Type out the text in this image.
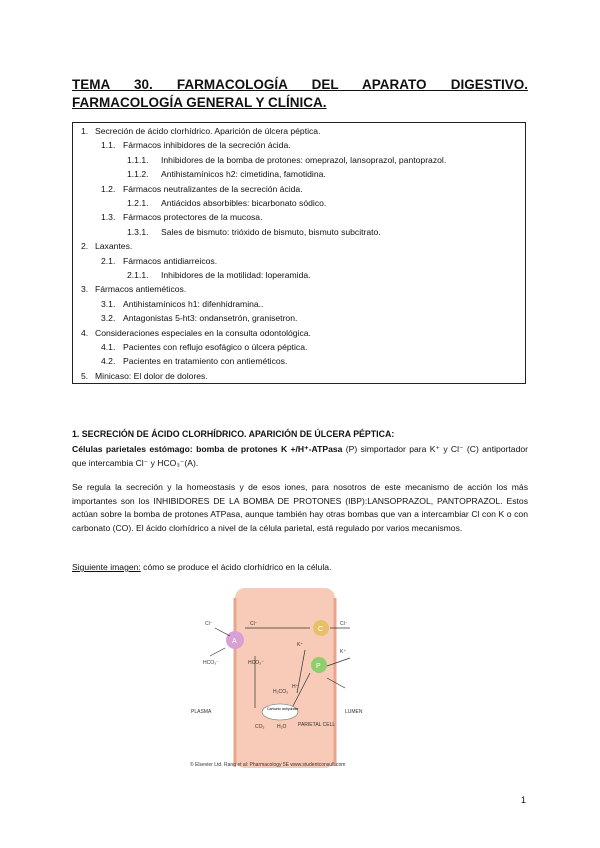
TEMA 30. FARMACOLOGÍA DEL APARATO DIGESTIVO. FARMACOLOGÍA GENERAL Y CLÍNICA.
1. Secreción de ácido clorhídrico. Aparición de úlcera péptica.
1.1. Fármacos inhibidores de la secreción ácida.
1.1.1. Inhibidores de la bomba de protones: omeprazol, lansoprazol, pantoprazol.
1.1.2. Antihistamínicos h2: cimetidina, famotidina.
1.2. Fármacos neutralizantes de la secreción ácida.
1.2.1. Antiácidos absorbibles: bicarbonato sódico.
1.3. Fármacos protectores de la mucosa.
1.3.1. Sales de bismuto: trióxido de bismuto, bismuto subcitrato.
2. Laxantes.
2.1. Fármacos antidiarreicos.
2.1.1. Inhibidores de la motilidad: loperamida.
3. Fármacos antieméticos.
3.1. Antihistamínicos h1: difenhidramina..
3.2. Antagonistas 5-ht3: ondansetrón, granisetron.
4. Consideraciones especiales en la consulta odontológica.
4.1. Pacientes con reflujo esofágico o úlcera péptica.
4.2. Pacientes en tratamiento con antieméticos.
5. Minicaso: El dolor de dolores.
1. SECRECIÓN DE ÁCIDO CLORHÍDRICO. APARICIÓN DE ÚLCERA PÉPTICA:
Células parietales estómago: bomba de protones K +/H⁺-ATPasa (P) simportador para K⁺ y Cl⁻ (C) antiportador que intercambia Cl⁻ y HCO₃⁻(A).
Se regula la secreción y la homeostasis y de esos iones, para nosotros de este mecanismo de acción los más importantes son los INHIBIDORES DE LA BOMBA DE PROTONES (IBP):LANSOPRAZOL, PANTOPRAZOL. Estos actúan sobre la bomba de protones ATPasa, aunque también hay otras bombas que van a intercambiar Cl con K o con carbonato (CO). El ácido clorhídrico a nivel de la célula parietal, está regulado por varios mecanismos.
Siguiente imagen: cómo se produce el ácido clorhídrico en la célula.
A
C
P
Carbonic anhydrase
Cl⁻	Cl⁻	Cl⁻
HCO₃⁻	HCO₃⁻
K⁺
K⁺
H⁺
H₂CO₃
CO₂	H₂O
PLASMA
PARIETAL CELL
LUMEN
© Elsevier Ltd. Rang et al: Pharmacology 5E www.studentconsult.com
1
